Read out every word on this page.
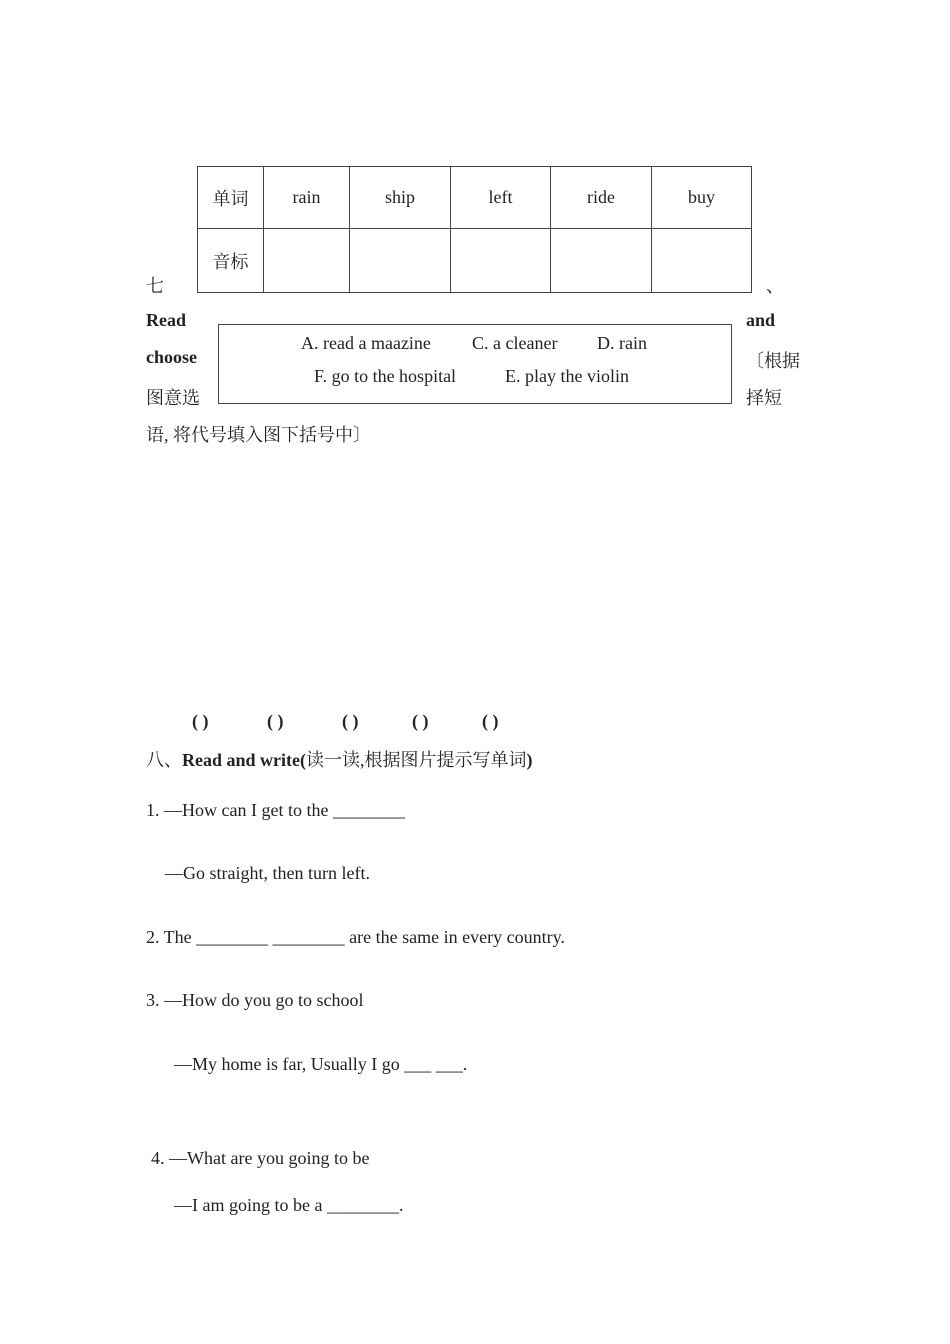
七	、
单词	rain	ship	left	ride	buy
音标					
Read
choose
图意选
and
〔根据
择短
语, 将代号填入图下括号中〕
A. read a maazine C. a cleaner D. rain
F. go to the hospital	E. play the violin
( )	( )	( )	( )	( )
八、Read and write(读一读,根据图片提示写单词)
1. —How can I get to the ________
—Go straight, then turn left.
2. The ________ ________ are the same in every country.
3. —How do you go to school
—My home is far, Usually I go ___ ___.
4. —What are you going to be
—I am going to be a ________.
